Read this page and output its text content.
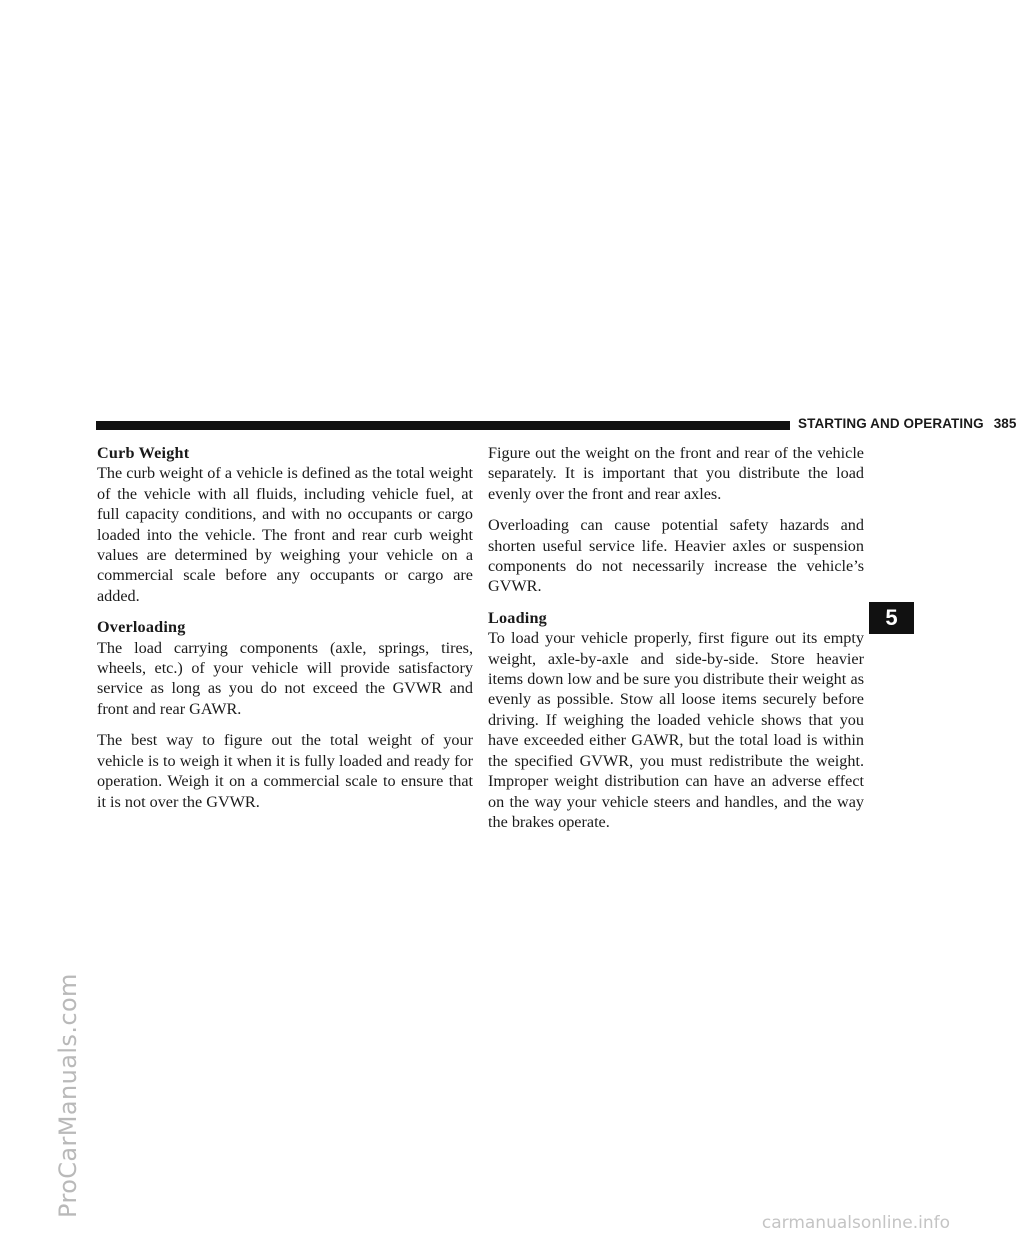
STARTING AND OPERATING 385
Curb Weight

The curb weight of a vehicle is defined as the total weight of the vehicle with all fluids, including vehicle fuel, at full capacity conditions, and with no occupants or cargo loaded into the vehicle. The front and rear curb weight values are determined by weighing your vehicle on a commercial scale before any occupants or cargo are added.

Overloading

The load carrying components (axle, springs, tires, wheels, etc.) of your vehicle will provide satisfactory service as long as you do not exceed the GVWR and front and rear GAWR.

The best way to figure out the total weight of your vehicle is to weigh it when it is fully loaded and ready for operation. Weigh it on a commercial scale to ensure that it is not over the GVWR.

Figure out the weight on the front and rear of the vehicle separately. It is important that you distribute the load evenly over the front and rear axles.

Overloading can cause potential safety hazards and shorten useful service life. Heavier axles or suspension components do not necessarily increase the vehicle’s GVWR.

Loading

To load your vehicle properly, first figure out its empty weight, axle-by-axle and side-by-side. Store heavier items down low and be sure you distribute their weight as evenly as possible. Stow all loose items securely before driving. If weighing the loaded vehicle shows that you have exceeded either GAWR, but the total load is within the specified GVWR, you must redistribute the weight. Improper weight distribution can have an adverse effect on the way your vehicle steers and handles, and the way the brakes operate.

5
ProCarManuals.com
carmanualsonline.info
